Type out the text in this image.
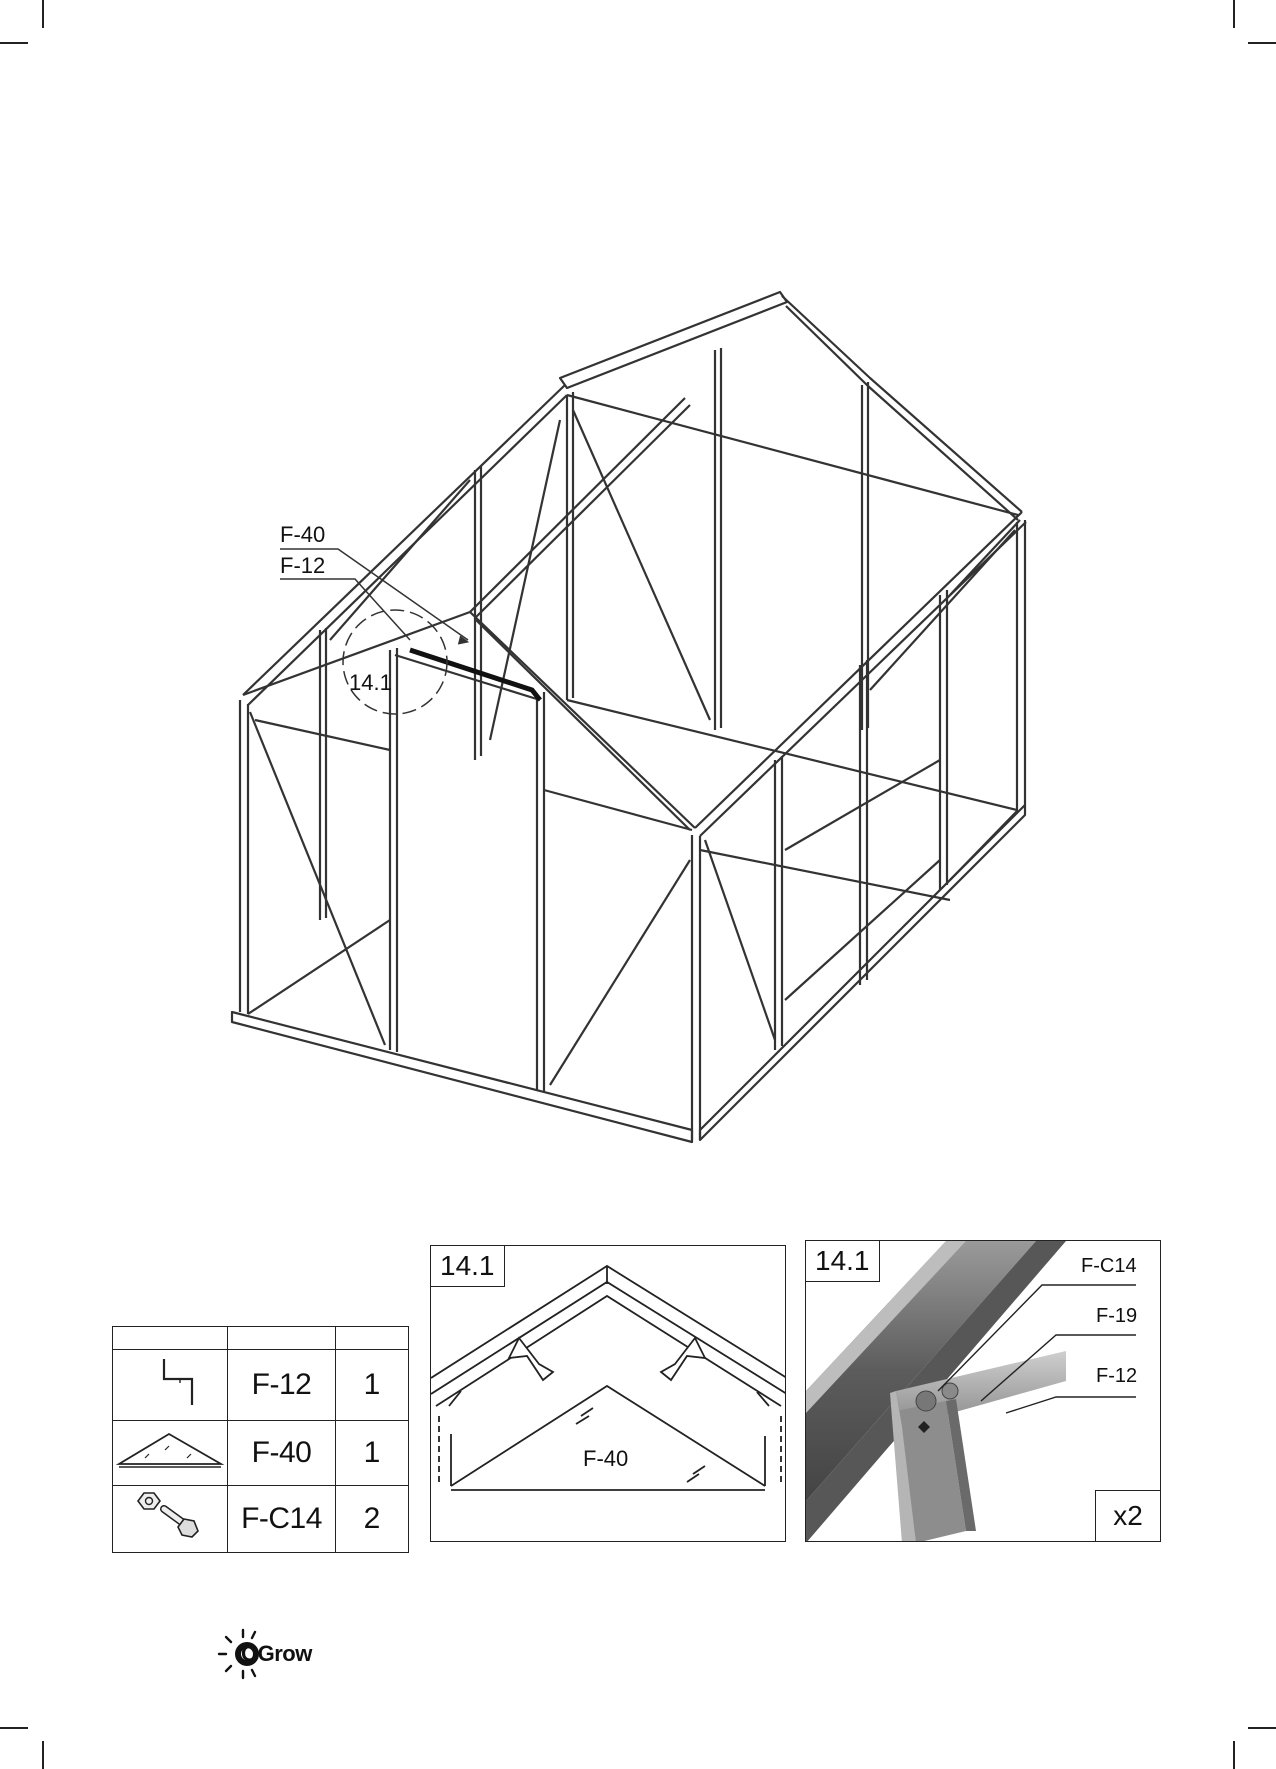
F-40
F-12
14.1

	F-12	1
	F-40	1
	F-C14	2
14.1
F-40
14.1	F-C14
F-19
F-12
x2
OGrow
